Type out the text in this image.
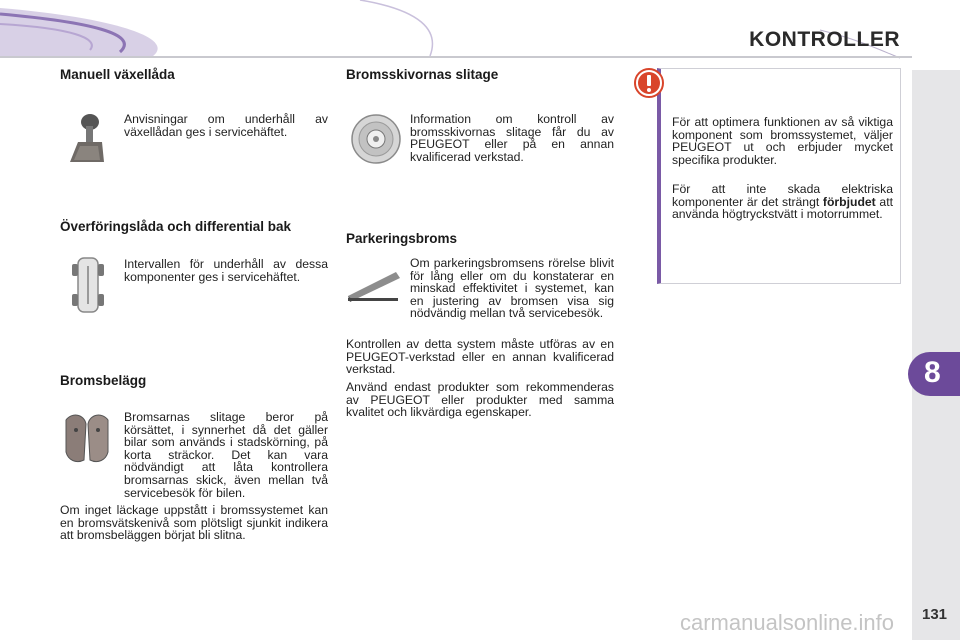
KONTROLLER
8
Manuell växellåda
Anvisningar om underhåll av växellådan ges i servicehäftet.
Överföringslåda och differential bak
Intervallen för underhåll av dessa komponenter ges i servicehäftet.
Bromsbelägg
Bromsarnas slitage beror på körsättet, i synnerhet då det gäller bilar som används i stadskörning, på korta sträckor. Det kan vara nödvändigt att låta kontrollera bromsarnas skick, även mellan två servicebesök för bilen.
Om inget läckage uppstått i bromssystemet kan en bromsvätskenivå som plötsligt sjunkit indikera att bromsbeläggen börjat bli slitna.
Bromsskivornas slitage
Information om kontroll av bromsskivornas slitage får du av PEUGEOT eller på en annan kvalificerad verkstad.
Parkeringsbroms
Om parkeringsbromsens rörelse blivit för lång eller om du konstaterar en minskad effektivitet i systemet, kan en justering av bromsen visa sig nödvändig mellan två servicebesök.
Kontrollen av detta system måste utföras av en PEUGEOT-verkstad eller en annan kvalificerad verkstad.
Använd endast produkter som rekommenderas av PEUGEOT eller produkter med samma kvalitet och likvärdiga egenskaper.
För att optimera funktionen av så viktiga komponent som bromssystemet, väljer PEUGEOT ut och erbjuder mycket specifika produkter.
För att inte skada elektriska komponenter är det strängt förbjudet att använda högtryckstvätt i motorrummet.
131
carmanualsonline.info
